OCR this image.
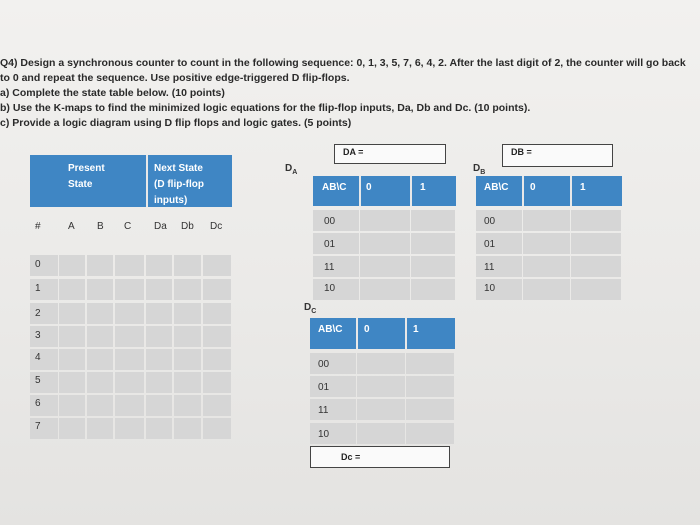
Q4) Design a synchronous counter to count in the following sequence: 0, 1, 3, 5, 7, 6, 4, 2. After the last digit of 2, the counter will go back
to 0 and repeat the sequence. Use positive edge-triggered D flip-flops.
a) Complete the state table below. (10 points)
b) Use the K-maps to find the minimized logic equations for the flip-flop inputs, Da, Db and Dc. (10 points).
c) Provide a logic diagram using D flip flops and logic gates. (5 points)
Present
State
Next State
(D flip-flop
inputs)
#	A B C Da Db Dc
0
1
2
3
4
5
6
7
$D_A$
DA =
AB\C 0	1
00
01
11
10
$D_B$
DB =
AB\C 0	1
00
01
11
10
$D_C$
AB\C 0	1
00
01
11
10
Dc =
